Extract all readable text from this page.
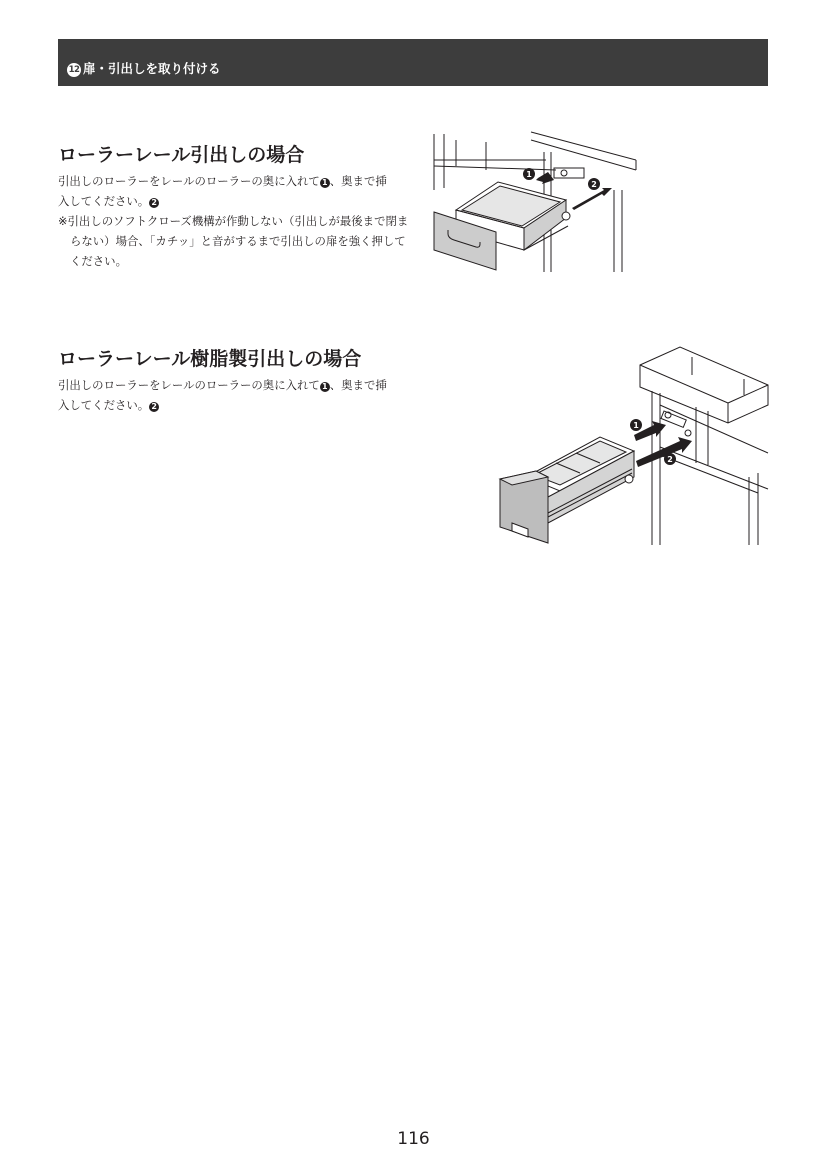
12 扉・引出しを取り付ける
ローラーレール引出しの場合

引出しのローラーをレールのローラーの奥に入れて 1 、奥まで挿入してください。 2

※引出しのソフトクローズ機構が作動しない（引出しが最後まで閉まらない）場合、「カチッ」と音がするまで引出しの扉を強く押してください。

1
2
ローラーレール樹脂製引出しの場合

引出しのローラーをレールのローラーの奥に入れて 1 、奥まで挿入してください。 2

1
2
116
